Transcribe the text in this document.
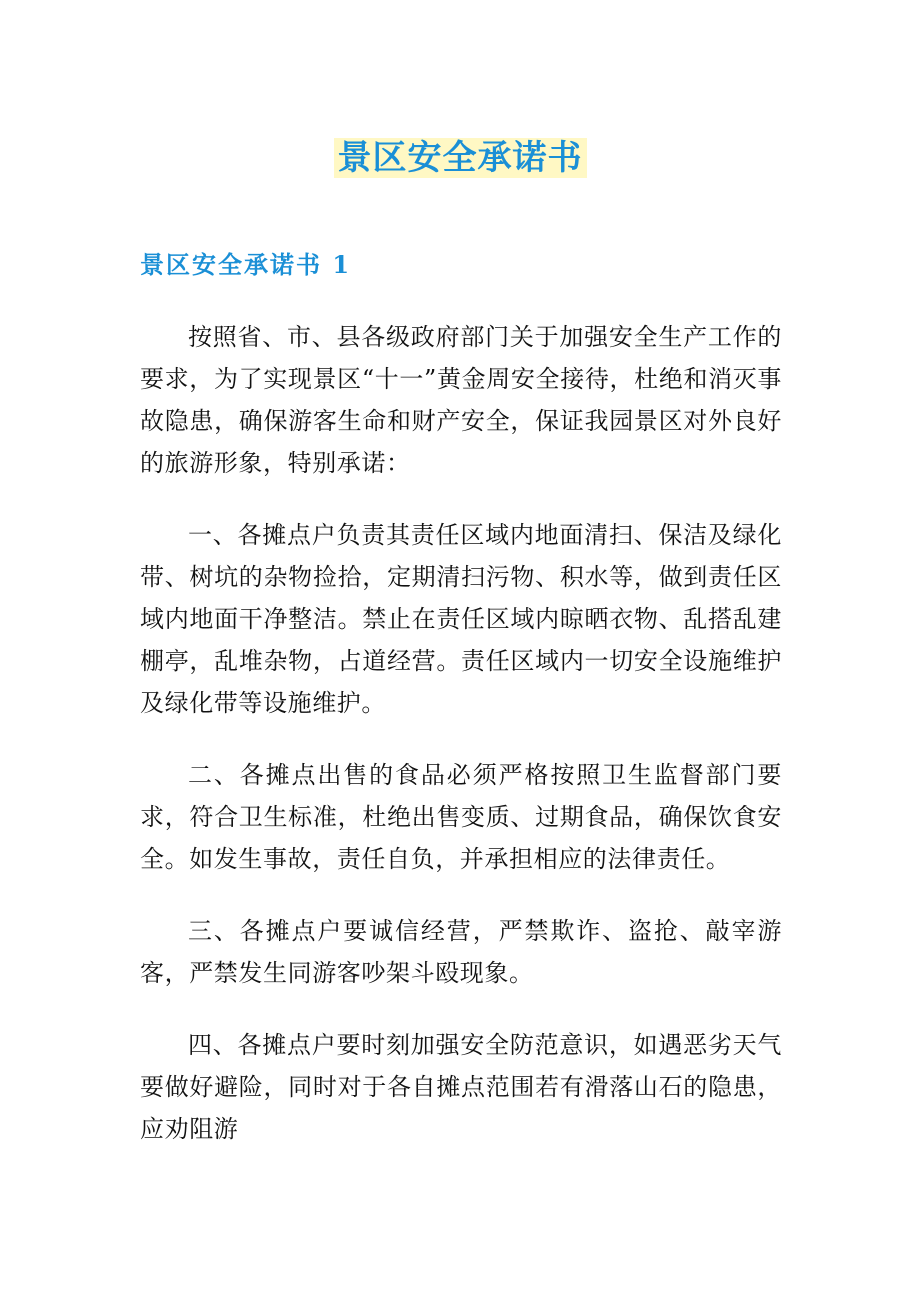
景区安全承诺书
景区安全承诺书 1

按照省、市、县各级政府部门关于加强安全生产工作的要求，为了实现景区“十一”黄金周安全接待，杜绝和消灭事故隐患，确保游客生命和财产安全，保证我园景区对外良好的旅游形象，特别承诺：

一、各摊点户负责其责任区域内地面清扫、保洁及绿化带、树坑的杂物捡拾，定期清扫污物、积水等，做到责任区域内地面干净整洁。禁止在责任区域内晾晒衣物、乱搭乱建棚亭，乱堆杂物，占道经营。责任区域内一切安全设施维护及绿化带等设施维护。

二、各摊点出售的食品必须严格按照卫生监督部门要求，符合卫生标准，杜绝出售变质、过期食品，确保饮食安全。如发生事故，责任自负，并承担相应的法律责任。

三、各摊点户要诚信经营，严禁欺诈、盗抢、敲宰游客，严禁发生同游客吵架斗殴现象。

四、各摊点户要时刻加强安全防范意识，如遇恶劣天气要做好避险，同时对于各自摊点范围若有滑落山石的隐患，应劝阻游
